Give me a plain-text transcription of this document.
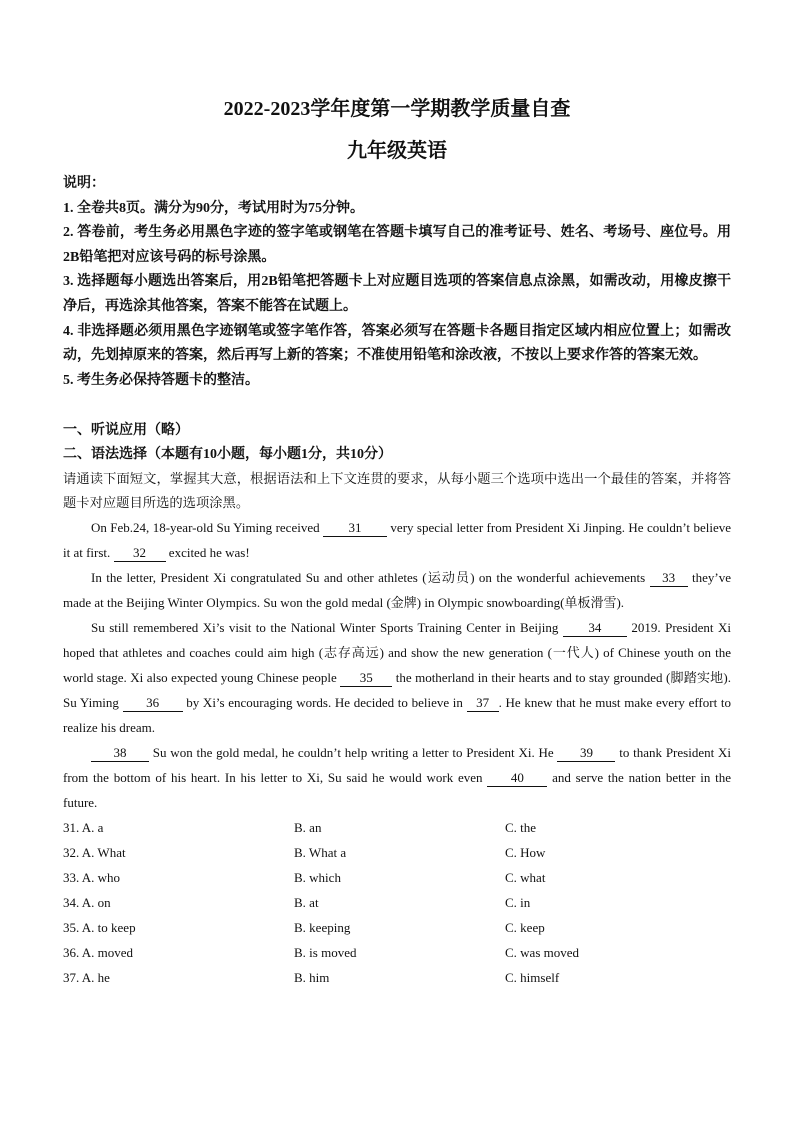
2022-2023学年度第一学期教学质量自查
九年级英语
说明：
1. 全卷共8页。满分为90分，考试用时为75分钟。
2. 答卷前，考生务必用黑色字迹的签字笔或钢笔在答题卡填写自己的准考证号、姓名、考场号、座位号。用2B铅笔把对应该号码的标号涂黑。
3. 选择题每小题选出答案后，用2B铅笔把答题卡上对应题目选项的答案信息点涂黑，如需改动，用橡皮擦干净后，再选涂其他答案，答案不能答在试题上。
4. 非选择题必须用黑色字迹钢笔或签字笔作答，答案必须写在答题卡各题目指定区域内相应位置上；如需改动，先划掉原来的答案，然后再写上新的答案；不准使用铅笔和涂改液，不按以上要求作答的答案无效。
5. 考生务必保持答题卡的整洁。
一、听说应用（略）
二、语法选择（本题有10小题，每小题1分，共10分）
请通读下面短文，掌握其大意，根据语法和上下文连贯的要求，从每小题三个选项中选出一个最佳的答案，并将答题卡对应题目所选的选项涂黑。

On Feb.24, 18-year-old Su Yiming received 31 very special letter from President Xi Jinping. He couldn’t believe it at first. 32 excited he was!

In the letter, President Xi congratulated Su and other athletes (运动员) on the wonderful achievements 33 they’ve made at the Beijing Winter Olympics. Su won the gold medal (金牌) in Olympic snowboarding(单板滑雪).

Su still remembered Xi’s visit to the National Winter Sports Training Center in Beijing 34 2019. President Xi hoped that athletes and coaches could aim high (志存高远) and show the new generation (一代人) of Chinese youth on the world stage. Xi also expected young Chinese people 35 the motherland in their hearts and to stay grounded (脚踏实地). Su Yiming 36 by Xi’s encouraging words. He decided to believe in 37 . He knew that he must make every effort to realize his dream.

38 Su won the gold medal, he couldn’t help writing a letter to President Xi. He 39 to thank President Xi from the bottom of his heart. In his letter to Xi, Su said he would work even 40 and serve the nation better in the future.

31. A. a	B. an	C. the
32. A. What	B. What a	C. How
33. A. who	B. which	C. what
34. A. on	B. at	C. in
35. A. to keep	B. keeping	C. keep
36. A. moved	B. is moved	C. was moved
37. A. he	B. him	C. himself
